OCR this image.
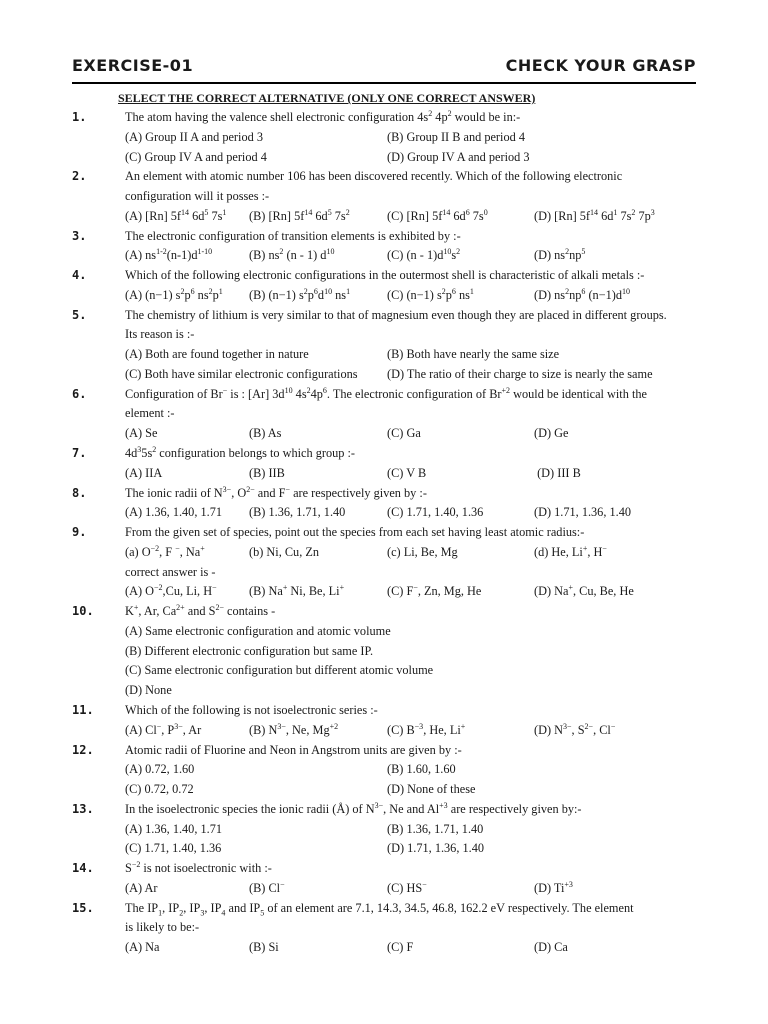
EXERCISE-01	CHECK YOUR GRASP
SELECT THE CORRECT ALTERNATIVE (ONLY ONE CORRECT ANSWER)
1.	The atom having the valence shell electronic configuration $4s^2$ $4p^2$ would be in:-
(A) Group II A and period 3	(B) Group II B and period 4
(C) Group IV A and period 4	(D) Group IV A and period 3
2.	An element with atomic number 106 has been discovered recently. Which of the following electronic
configuration will it posses :-
(A) [Rn] $5f^{14}$ $6d^5$ $7s^1$ (B) [Rn] $5f^{14}$ $6d^5$ $7s^2$	(C) [Rn] $5f^{14}$ $6d^6$ $7s^0$	(D) [Rn] $5f^{14}$ $6d^1$ $7s^2$ $7p^3$
3.	The electronic configuration of transition elements is exhibited by :-
(A) $ns^{1-2}(n-1)d^{1-10}$	(B) $ns^2$ (n - 1) $d^{10}$	(C) $(n - 1)d^{10}s^2$	(D) $ns^2np^5$
4.	Which of the following electronic configurations in the outermost shell is characteristic of alkali metals :-
(A) (n−1) $s^2p^6$ $ns^2p^1$ (B) (n−1) $s^2p^6d^{10}$ $ns^1$	(C) (n−1) $s^2p^6$ $ns^1$	(D) $ns^2np^6$ $(n-1)d^{10}$
5.	The chemistry of lithium is very similar to that of magnesium even though they are placed in different groups.
Its reason is :-
(A) Both are found together in nature	(B) Both have nearly the same size
(C) Both have similar electronic configurations (D) The ratio of their charge to size is nearly the same
6.	Configuration of Br− is : [Ar] $3d^{10}$ $4s^24p^6$. The electronic configuration of $Br^{+2}$ would be identical with the
element :-
(A) Se	(B) As	(C) Ga	(D) Ge
7.	$4d^35s^2$ configuration belongs to which group :-
(A) IIA	(B) IIB	(C) V B	(D) III B
8.	The ionic radii of $N^{3-}$, $O^{2-}$ and F− are respectively given by :-
(A) 1.36, 1.40, 1.71 (B) 1.36, 1.71, 1.40	(C) 1.71, 1.40, 1.36	(D) 1.71, 1.36, 1.40
9.	From the given set of species, point out the species from each set having least atomic radius:-
(a) $O^{-2}$, F −, Na+	(b) Ni, Cu, Zn	(c) Li, Be, Mg	(d) He, Li+, H−
correct answer is -
(A) $O^{-2},Cu$, Li, H−	(B) Na+ Ni, Be, Li+	(C) F−, Zn, Mg, He	(D) Na+, Cu, Be, He
10.	K+, Ar, $Ca^{2+}$ and $S^{2-}$ contains -
(A) Same electronic configuration and atomic volume
(B) Different electronic configuration but same IP.
(C) Same electronic configuration but different atomic volume
(D) None
11.	Which of the following is not isoelectronic series :-
(A) Cl−, $P^{3-}$, Ar	(B) $N^{3-}$, Ne, $Mg^{+2}$	(C) $B^{-3}$, He, Li+	(D) $N^{3-}$, $S^{2-}$, Cl−
12.	Atomic radii of Fluorine and Neon in Angstrom units are given by :-
(A) 0.72, 1.60	(B) 1.60, 1.60
(C) 0.72, 0.72	(D) None of these
13.	In the isoelectronic species the ionic radii (Å) of $N^{3-}$, Ne and $Al^{+3}$ are respectively given by:-
(A) 1.36, 1.40, 1.71	(B) 1.36, 1.71, 1.40
(C) 1.71, 1.40, 1.36	(D) 1.71, 1.36, 1.40
14.	$S^{-2}$ is not isoelectronic with :-
(A) Ar	(B) Cl−	(C) HS−	(D) $Ti^{+3}$
15.	The $IP_1$, $IP_2$, $IP_3$, $IP_4$ and $IP_5$ of an element are 7.1, 14.3, 34.5, 46.8, 162.2 eV respectively. The element
is likely to be:-
(A) Na	(B) Si	(C) F	(D) Ca
